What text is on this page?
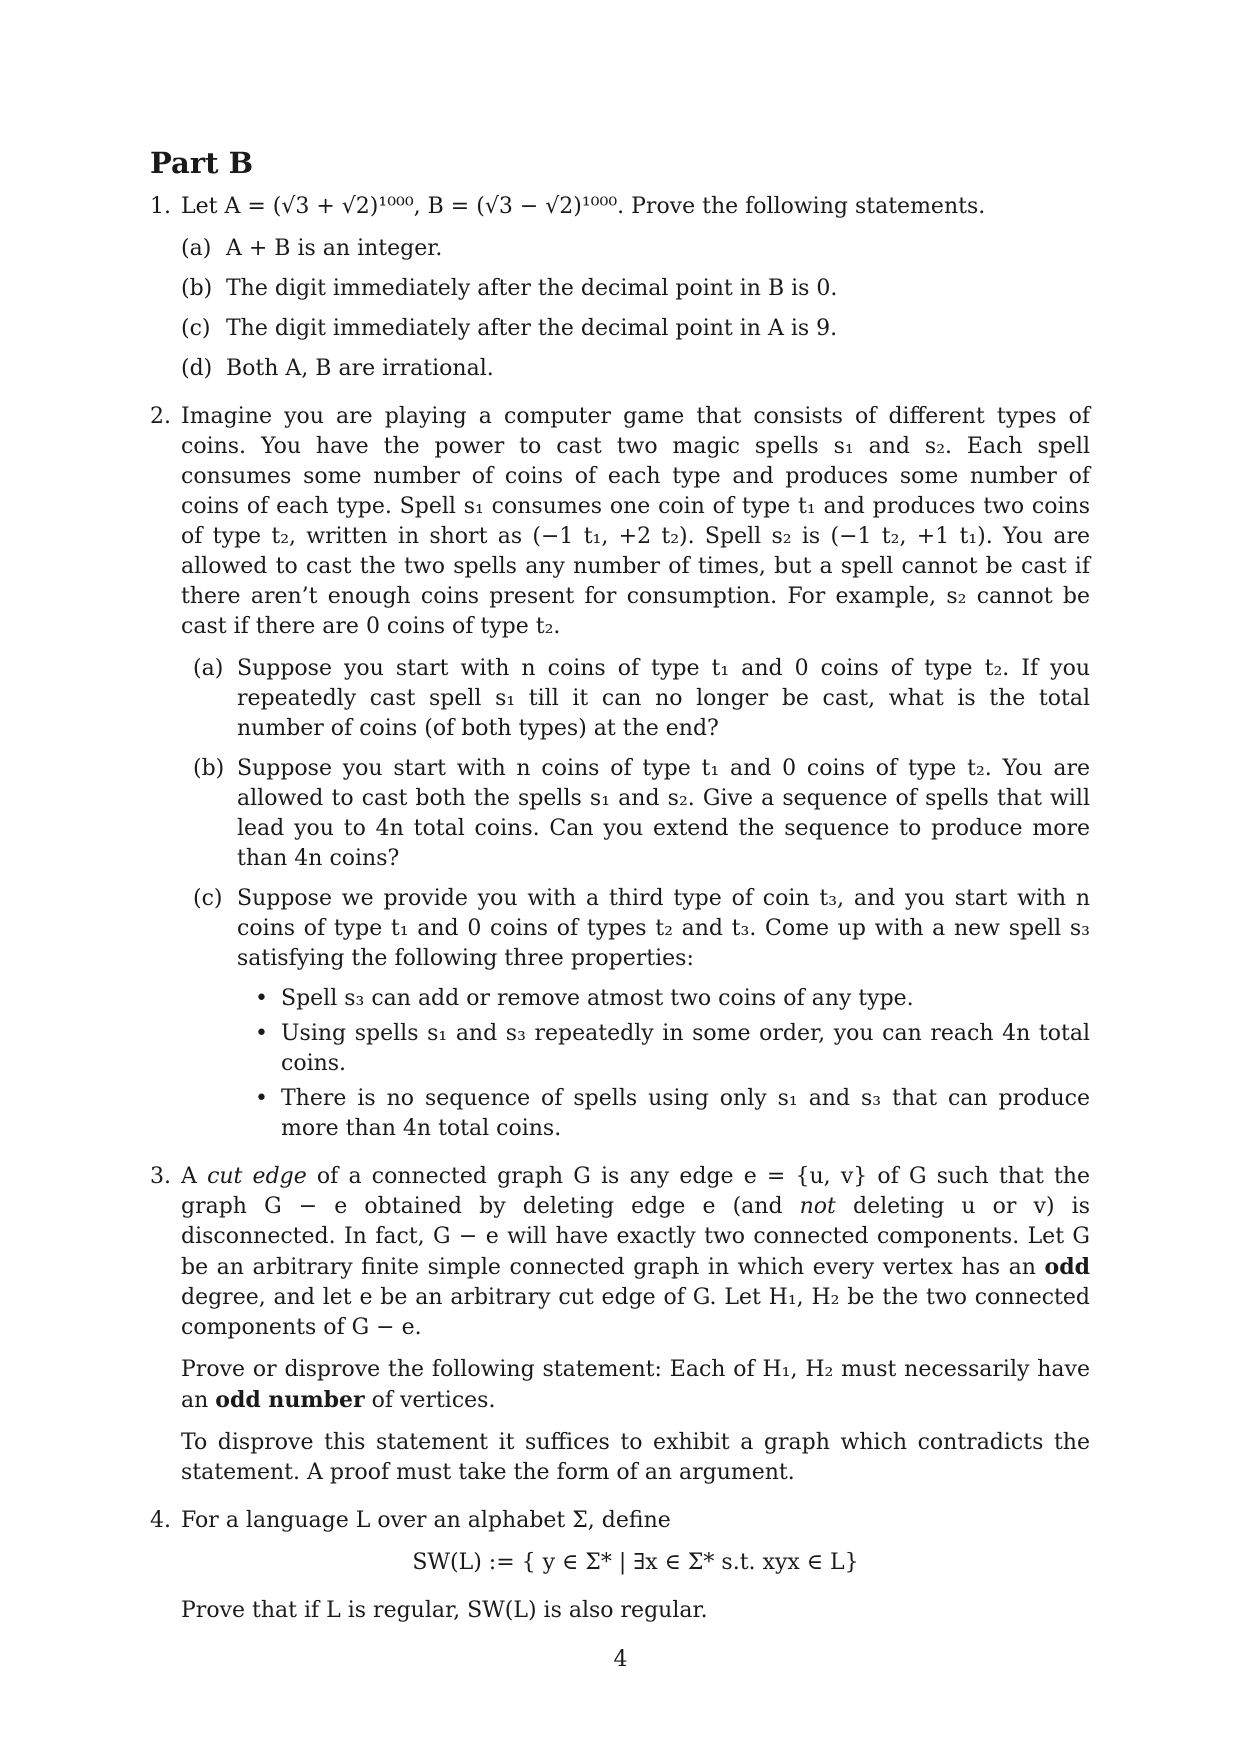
Part B
1. Let A = (√3 + √2)¹⁰⁰⁰, B = (√3 − √2)¹⁰⁰⁰. Prove the following statements.

(a) A + B is an integer.
(b) The digit immediately after the decimal point in B is 0.
(c) The digit immediately after the decimal point in A is 9.
(d) Both A, B are irrational.
2. Imagine you are playing a computer game that consists of different types of coins. You have the power to cast two magic spells s₁ and s₂. Each spell consumes some number of coins of each type and produces some number of coins of each type. Spell s₁ consumes one coin of type t₁ and produces two coins of type t₂, written in short as (−1 t₁, +2 t₂). Spell s₂ is (−1 t₂, +1 t₁). You are allowed to cast the two spells any number of times, but a spell cannot be cast if there aren’t enough coins present for consumption. For example, s₂ cannot be cast if there are 0 coins of type t₂.

(a) Suppose you start with n coins of type t₁ and 0 coins of type t₂. If you repeatedly cast spell s₁ till it can no longer be cast, what is the total number of coins (of both types) at the end?
(b) Suppose you start with n coins of type t₁ and 0 coins of type t₂. You are allowed to cast both the spells s₁ and s₂. Give a sequence of spells that will lead you to 4n total coins. Can you extend the sequence to produce more than 4n coins?
(c) Suppose we provide you with a third type of coin t₃, and you start with n coins of type t₁ and 0 coins of types t₂ and t₃. Come up with a new spell s₃ satisfying the following three properties:
• Spell s₃ can add or remove atmost two coins of any type.
• Using spells s₁ and s₃ repeatedly in some order, you can reach 4n total coins.
• There is no sequence of spells using only s₁ and s₃ that can produce more than 4n total coins.
3. A cut edge of a connected graph G is any edge e = {u, v} of G such that the graph G − e obtained by deleting edge e (and not deleting u or v) is disconnected. In fact, G − e will have exactly two connected components. Let G be an arbitrary finite simple connected graph in which every vertex has an odd degree, and let e be an arbitrary cut edge of G. Let H₁, H₂ be the two connected components of G − e.

Prove or disprove the following statement: Each of H₁, H₂ must necessarily have an odd number of vertices.

To disprove this statement it suffices to exhibit a graph which contradicts the statement. A proof must take the form of an argument.

4. For a language L over an alphabet Σ, define

SW(L) := { y ∈ Σ* | ∃x ∈ Σ* s.t. xyx ∈ L}

Prove that if L is regular, SW(L) is also regular.

4
